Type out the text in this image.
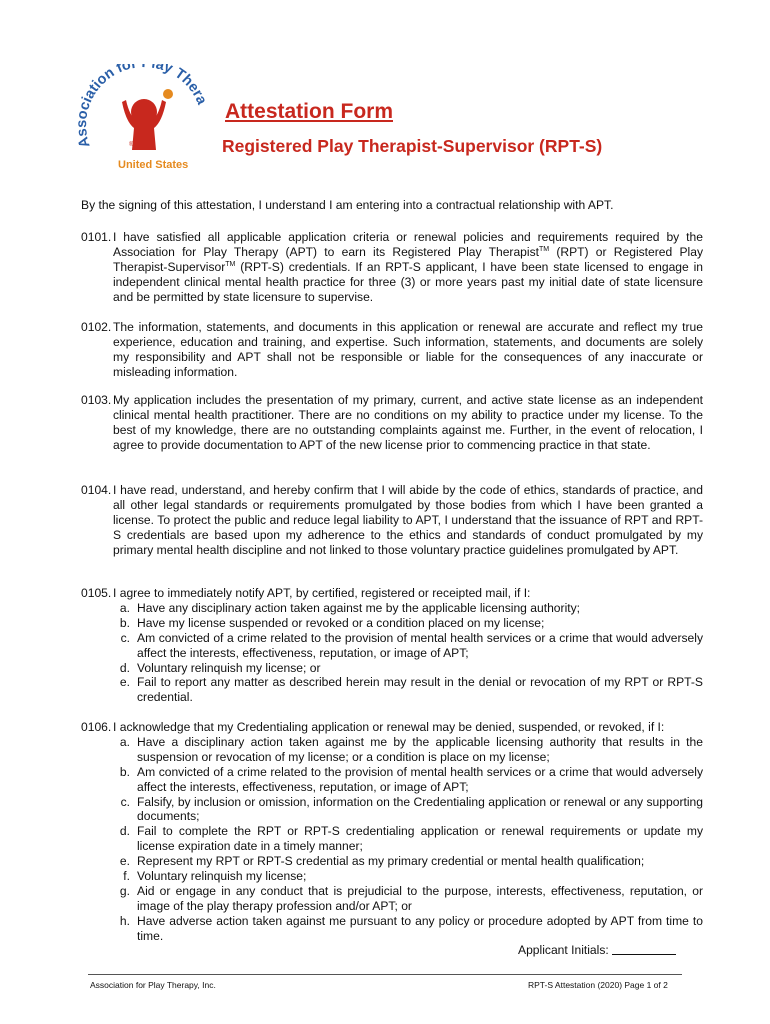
Association fo ay Thera
®
United States
Attestation Form
Registered Play Therapist-Supervisor (RPT-S)
By the signing of this attestation, I understand I am entering into a contractual relationship with APT.
0101. I have satisfied all applicable application criteria or renewal policies and requirements required by the Association for Play Therapy (APT) to earn its Registered Play Therapist™ (RPT) or Registered Play Therapist-Supervisor™ (RPT-S) credentials. If an RPT-S applicant, I have been state licensed to engage in independent clinical mental health practice for three (3) or more years past my initial date of state licensure and be permitted by state licensure to supervise.
0102. The information, statements, and documents in this application or renewal are accurate and reflect my true experience, education and training, and expertise. Such information, statements, and documents are solely my responsibility and APT shall not be responsible or liable for the consequences of any inaccurate or misleading information.
0103. My application includes the presentation of my primary, current, and active state license as an independent clinical mental health practitioner. There are no conditions on my ability to practice under my license. To the best of my knowledge, there are no outstanding complaints against me. Further, in the event of relocation, I agree to provide documentation to APT of the new license prior to commencing practice in that state.
0104. I have read, understand, and hereby confirm that I will abide by the code of ethics, standards of practice, and all other legal standards or requirements promulgated by those bodies from which I have been granted a license. To protect the public and reduce legal liability to APT, I understand that the issuance of RPT and RPT-S credentials are based upon my adherence to the ethics and standards of conduct promulgated by my primary mental health discipline and not linked to those voluntary practice guidelines promulgated by APT.
0105. I agree to immediately notify APT, by certified, registered or receipted mail, if I:
a. Have any disciplinary action taken against me by the applicable licensing authority;
b. Have my license suspended or revoked or a condition placed on my license;
c. Am convicted of a crime related to the provision of mental health services or a crime that would adversely affect the interests, effectiveness, reputation, or image of APT;
d. Voluntary relinquish my license; or
e. Fail to report any matter as described herein may result in the denial or revocation of my RPT or RPT-S credential.
0106. I acknowledge that my Credentialing application or renewal may be denied, suspended, or revoked, if I:
a. Have a disciplinary action taken against me by the applicable licensing authority that results in the suspension or revocation of my license; or a condition is place on my license;
b. Am convicted of a crime related to the provision of mental health services or a crime that would adversely affect the interests, effectiveness, reputation, or image of APT;
c. Falsify, by inclusion or omission, information on the Credentialing application or renewal or any supporting documents;
d. Fail to complete the RPT or RPT-S credentialing application or renewal requirements or update my license expiration date in a timely manner;
e. Represent my RPT or RPT-S credential as my primary credential or mental health qualification;
f. Voluntary relinquish my license;
g. Aid or engage in any conduct that is prejudicial to the purpose, interests, effectiveness, reputation, or image of the play therapy profession and/or APT; or
h. Have adverse action taken against me pursuant to any policy or procedure adopted by APT from time to time.
Applicant Initials:
Association for Play Therapy, Inc.	RPT-S Attestation (2020) Page 1 of 2
